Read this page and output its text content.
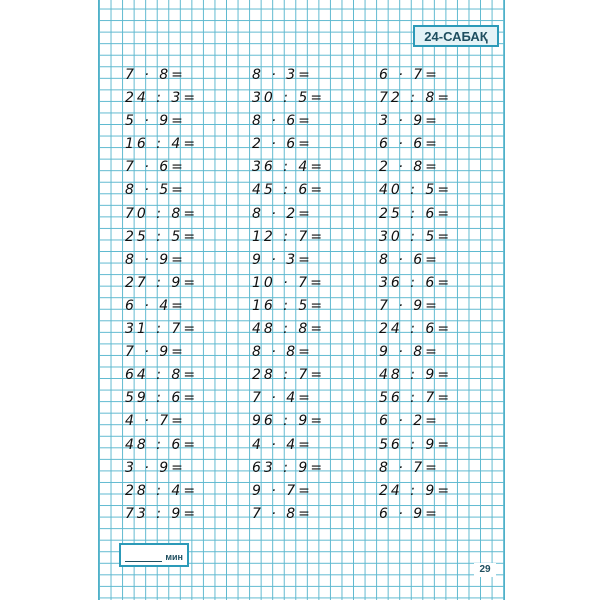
24-САБАҚ
7 · 8=
24 : 3=
5 · 9=
16 : 4=
7 · 6=
8 · 5=
70 : 8=
25 : 5=
8 · 9=
27 : 9=
6 · 4=
31 : 7=
7 · 9=
64 : 8=
59 : 6=
4 · 7=
48 : 6=
3 · 9=
28 : 4=
73 : 9=
8 · 3=
30 : 5=
8 · 6=
2 · 6=
36 : 4=
45 : 6=
8 · 2=
12 : 7=
9 · 3=
10 · 7=
16 : 5=
48 : 8=
8 · 8=
28 : 7=
7 · 4=
96 : 9=
4 · 4=
63 : 9=
9 · 7=
7 · 8=
6 · 7=
72 : 8=
3 · 9=
6 · 6=
2 · 8=
40 : 5=
25 : 6=
30 : 5=
8 · 6=
36 : 6=
7 · 9=
24 : 6=
9 · 8=
48 : 9=
56 : 7=
6 · 2=
56 : 9=
8 · 7=
24 : 9=
6 · 9=
мин
29
